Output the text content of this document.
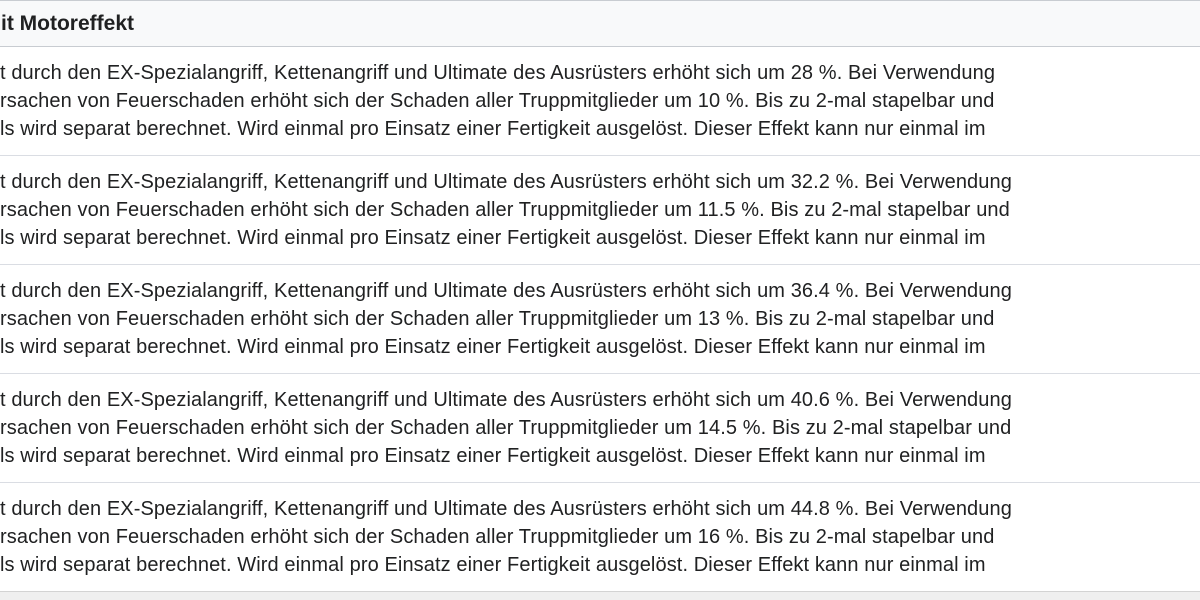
it Motoreffekt
t durch den EX-Spezialangriff, Kettenangriff und Ultimate des Ausrüsters erhöht sich um 28 %. Bei Verwendung
rsachen von Feuerschaden erhöht sich der Schaden aller Truppmitglieder um 10 %. Bis zu 2-mal stapelbar und
ls wird separat berechnet. Wird einmal pro Einsatz einer Fertigkeit ausgelöst. Dieser Effekt kann nur einmal im
t durch den EX-Spezialangriff, Kettenangriff und Ultimate des Ausrüsters erhöht sich um 32.2 %. Bei Verwendung
rsachen von Feuerschaden erhöht sich der Schaden aller Truppmitglieder um 11.5 %. Bis zu 2-mal stapelbar und
ls wird separat berechnet. Wird einmal pro Einsatz einer Fertigkeit ausgelöst. Dieser Effekt kann nur einmal im
t durch den EX-Spezialangriff, Kettenangriff und Ultimate des Ausrüsters erhöht sich um 36.4 %. Bei Verwendung
rsachen von Feuerschaden erhöht sich der Schaden aller Truppmitglieder um 13 %. Bis zu 2-mal stapelbar und
ls wird separat berechnet. Wird einmal pro Einsatz einer Fertigkeit ausgelöst. Dieser Effekt kann nur einmal im
t durch den EX-Spezialangriff, Kettenangriff und Ultimate des Ausrüsters erhöht sich um 40.6 %. Bei Verwendung
rsachen von Feuerschaden erhöht sich der Schaden aller Truppmitglieder um 14.5 %. Bis zu 2-mal stapelbar und
ls wird separat berechnet. Wird einmal pro Einsatz einer Fertigkeit ausgelöst. Dieser Effekt kann nur einmal im
t durch den EX-Spezialangriff, Kettenangriff und Ultimate des Ausrüsters erhöht sich um 44.8 %. Bei Verwendung
rsachen von Feuerschaden erhöht sich der Schaden aller Truppmitglieder um 16 %. Bis zu 2-mal stapelbar und
ls wird separat berechnet. Wird einmal pro Einsatz einer Fertigkeit ausgelöst. Dieser Effekt kann nur einmal im
